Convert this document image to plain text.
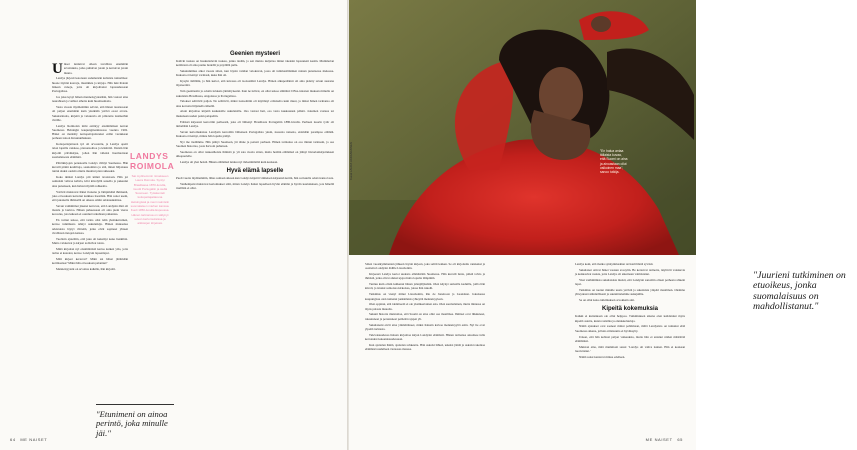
U niset tuntuivat olleen tavallista enemmän arvoituksia, jotka puhuivat jotain ja kertoivat jotain muuta.

Landys järjesti kotonaan sademetsän kaltaista tunnelmaa: huone täynnä kasveja, musiikkia ja kirjoja. Hän luki iltaisin ääneen runoja, joita oli kirjoittanut lapsuudessaan Portugalissa.

Jos joku kysyi hänen menneisyydestään, hän vastasi aina naurahtaen ja vaihtoi aihetta kuin huomaamatta.

Vasta vuosia myöhemmin selvisi, että hänen taustassaan oli paljon enemmän kuin yksikään ystävä osasi arvata. Sukutarinoita, kirjeitä ja valokuvia oli piilotettu laatikoihin vintille.

Landys Roimolan nimi esiintyy ensimmäisen kerran Suomessa Helsingin kaupunginarkistossa vuonna 1902. Hänet on merkitty kotiopettajattareksi erään varakkaan perheen taloon Kruununhakaan.

Kotiopettajattaren työ oli arvostettu, ja Landys opetti talon lapsille ranskaa, pianonsoittoa ja käsitöitä. Iltaisin hän kirjoitti päiväkirjaa, johon hän tallensi huomioitaan suomalaisesta elämästä.

Päiväkirjojen perusteella Landys viihtyi Suomessa. Hän kuvaili pitkiä kesäiltoja, saunomista ja sitä, miten hiljaisuus tuntui aluksi oudolta mutta muuttui pian rakkaaksi.

Koko ikänsä Landys piti kiinni tavoistaan. Hän joi aamuisin vahvaa kahvia, kävi kävelyllä sateella ja pukeutui aina punaiseen, kun halusi näyttää rohkealta.

Ystävät muistavat hänet iloisena ja lämpimänä ihmisenä, joka ei koskaan kertonut kaikkea itsestään. Hän sanoi usein, että jokaisella ihmisellä on oikeus omiin salaisuuksiinsa.

Suvun vanhimmat jäsenet kertovat, että Landysin ääni oli matala ja laulava. Hänen puheessaan oli aina pieni vieras korostus, jota kukaan ei osannut tarkalleen paikantaa.

En voinut uskoa, että tarina olisi näin yksinkertainen, kertoo tutkimusta tehnyt sukututkija. Hänen mukaansa arkistoista löytyi viitteitä, jotka eivät sopineet yhteen virallisten tietojen kanssa.

Tuolloin ajateltiin, että joku oli keksinyt koko henkilön. Mutta valokuvat ja kirjeet todistivat toista.

Minä kirjoitan nyt ensimmäistä kertaa kaiken ylös, jotta tarina ei katoaisi, kertoo Landysin lapsenlapsi.

Mitä kirjeet kertovat? Mikä sai hänet jättämään kotimaansa? Miksi hän ei koskaan palannut?

Menneisyyteni on arvoitus kaikille, hän kirjoitti.

LANDYS ROIMOLA
Sai myöhemmin nimekseen Laura Roimola. Syntyi Brasiliassa 1870-luvulla, muutti Portugaliin ja sieltä Suomeen. Työskenteli kotiopettajattarena Helsingissä ja meni naimisiin suomalaisen miehen kanssa. Kuoli 1950-luvulla Espoossa. Hänen tarinansa on säilynyt suvun kertomuksissa ja arkistojen kirjeissä.
Geenien mysteeri

Kahvin tuoksu on houkuttelevin tuoksu, jonka tiedän, ja sen muisto kuljettaa minut takaisin lapsuuteni kesiin. Mummolan keittiössä oli aina pannu liedellä ja pöydällä pulla.

Sukututkimus alkoi vuosia sitten, kun löysin vanhan valokuvan, jossa oli tummasilmäinen nainen punaisessa mekossa. Kukaan ei tiennyt varmasti, kuka hän oli.

Kysyin äidiltäni, ja hän kertoi, että kuvassa oli isoisoäitini Landys. Hänen alkuperäänsä oli aina pidetty suvun suurena mysteerinä.

Tein geenitestin ja odotin tuloksia jännittyneenä. Kun ne tulivat, en ollut uskoa silmiäni: DNA-tulosten mukaan minulla on sukulaisia Brasiliassa, Angolassa ja Portugalissa.

Tulokset selittivät paljon. Ne selittivät, miksi isoisoäitini oli näyttänyt erilaiselta kuin muut, ja miksi hänen tarinansa oli aina kerrottu hiljaisella äänellä.

Aloin kirjoittaa kirjeitä kaukaisille sukulaisille. Osa vastasi heti, osa vasta kuukausien päästä. Jokainen vastaus toi mukanaan uuden palan palapeliin.

Eräässä kirjeessä kerrottiin perheestä, joka oli lähtenyt Brasiliasta Portugaliin 1880-luvulla. Perheen nuorin tytär oli nimeltään Landys.

Suvun kertomuksissa Landysin kerrottiin lähteneen Portugalista yksin, nuorena naisena, etsimään parempaa elämää. Kukaan ei tiennyt, minne hän lopulta päätyi.

Nyt me tiedämme. Hän päätyi Suomeen, jäi tänne ja perusti perheen. Hänen tarinansa on osa minun tarinaani, ja osa Suomen historiaa, josta harvoin puhutaan.

Suomessa on ollut ruskeaihoisia ihmisiä jo yli sata vuotta sitten, mutta heidän elämänsä on jäänyt historiankirjoituksen ulkopuolelle.

Landys oli yksi heistä. Hänen elämänsä tuntuu nyt tärkeämmältä kuin koskaan.

Hyvä elämä lapselle

Puoli vuotta myöhemmin, lähes samaan aikaan kun Landys kirjoitti viimeisen kirjeensä kotiin, hän sai kuulla odottavansa lasta.

Vanhempani muistavat kertomukset siitä, miten Landys halusi lapselleen hyvän elämän ja hyvän koulutuksen, jota hänellä itsellään ei ollut.

"Etunimeni on ainoa perintö, joka minulle jäi."
64 ME NAISET
"En halua antaa tällaista kuvaa, että Suomi on aina ja ainoastaan ollut valkoinen maa", sanoo tutkija.
Kuvat LAURA HAKKARAINEN

Sitten vuosikymmenten jälkeen löysin kirjeen, joka selitti kaiken. Se oli kirjoitettu ranskaksi ja osoitettu Landysin äidille Lissaboniin.

Kirjeessä Landys kertoi uudesta elämästään Suomessa. Hän kuvaili lunta, pitkiä talvia ja ihmisiä, jotka olivat aluksi ujoja mutta lopulta lämpimiä.

Tuntuu kuin olisin kulkenut hänen jalanjäljissään. Olen käynyt samoilla kaduilla, joilla hän käveli, ja istunut samoissa kirkoissa, joissa hän rukoili.

Tutkimus on vienyt minut Lissaboniin, Rio de Janeiroon ja Luandaan. Jokaisessa kaupungissa olen tuntenut jonkinlaista yhteyttä menneisyyteen.

Olen oppinut, että identiteetti ei ole yksinkertainen asia. Olen suomalainen, mutta minussa on myös palasia muualta.

Sukuni historia muistuttaa, että Suomi on aina ollut osa maailmaa. Ihmiset ovat liikkuneet, rakastuneet ja perustaneet perheitä rajojen yli.

Sukulaiseni eivät aina ymmärtäneet, miksi halusin kaivaa menneisyyttä esiin. Nyt he ovat ylpeitä tarinasta.

Tulevaisuudessa haluan kirjoittaa kirjan Landysin elämästä. Hänen tarinansa ansaitsee tulla kerrotuksi kokonaisuudessaan.

Kun ajattelen häntä, ajattelen rohkeutta. Hän uskalsi lähteä, uskalsi jäädä ja uskalsi rakentaa elämänsä uudelleen vieraassa maassa.

"Juurieni tutkiminen on etuoikeus, jonka suomalaisuus on mahdollistanut."

Landys koki, että matka synnyinmaahan ravisteli häntä syvästi.

Sukulaiset ottivat hänet vastaan avosylin. He kertoivat tarinoita, näyttivät valokuvia ja kokkasivat ruokia, joita Landys oli aikoinaan valmistanut.

Yksi vanhimmista sukulaisista muisti, että Landysin sanottiin olleen perheen rohkein lapsi.

Tutkimus on tuonut minulle uusia ystäviä ja sukulaisia ympäri maailman. Olemme yhteydessä säännöllisesti ja suunnittelemme sukujuhlia.

Se on ollut koko tutkimuksen arvokkain anti.

Kipeitä kokemuksia

Kaikki ei kuitenkaan ole ollut helppoa. Tutkimuksen aikana olen kohdannut myös kipeitä asioita, kuten rasismia ja ennakkoluuloja.

Nämä ajatukset ovat saaneet minut pohtimaan, miltä Landysista on tuntunut elää Suomessa aikana, jolloin erilaisuutta ei hyväksytty.

Uskon, että hän kohtasi paljon vaikeuksia, mutta hän ei antanut niiden määrittää elämäänsä.

Muistan aina, mitä mummoni sanoi: 'Landys oli vahva nainen. Hän ei koskaan luovuttanut.'

Nämä sanat kantavat minua edelleen.

ME NAISET 65
